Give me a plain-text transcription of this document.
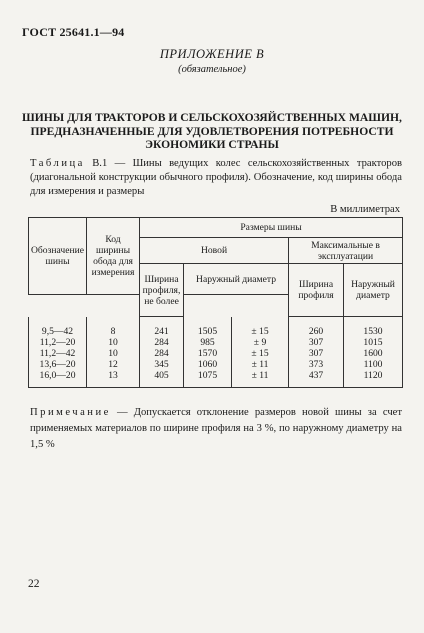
ГОСТ 25641.1—94
ПРИЛОЖЕНИЕ В
(обязательное)
ШИНЫ ДЛЯ ТРАКТОРОВ И СЕЛЬСКОХОЗЯЙСТВЕННЫХ МАШИН,
ПРЕДНАЗНАЧЕННЫЕ ДЛЯ УДОВЛЕТВОРЕНИЯ ПОТРЕБНОСТИ
ЭКОНОМИКИ СТРАНЫ
Таблица В.1 — Шины ведущих колес сельскохозяйственных тракторов (диагональной конструкции обычного профиля). Обозначение, код ширины обода для измерения и размеры
В миллиметрах
Обозначение шины	Код ширины обода для измерения	Размеры шины				
		Новой			Максимальные в эксплуатации	
		Ширина профиля, не более	Наружный диаметр		Ширина профиля	Наружный диаметр

9,5—42	8	241	1505	± 15	260	1530
11,2—20	10	284	985	± 9	307	1015
11,2—42	10	284	1570	± 15	307	1600
13,6—20	12	345	1060	± 11	373	1100
16,0—20	13	405	1075	± 11	437	1120
Примечание — Допускается отклонение размеров новой шины за счет применяемых материалов по ширине профиля на 3 %, по наружному диаметру на 1,5 %
22
